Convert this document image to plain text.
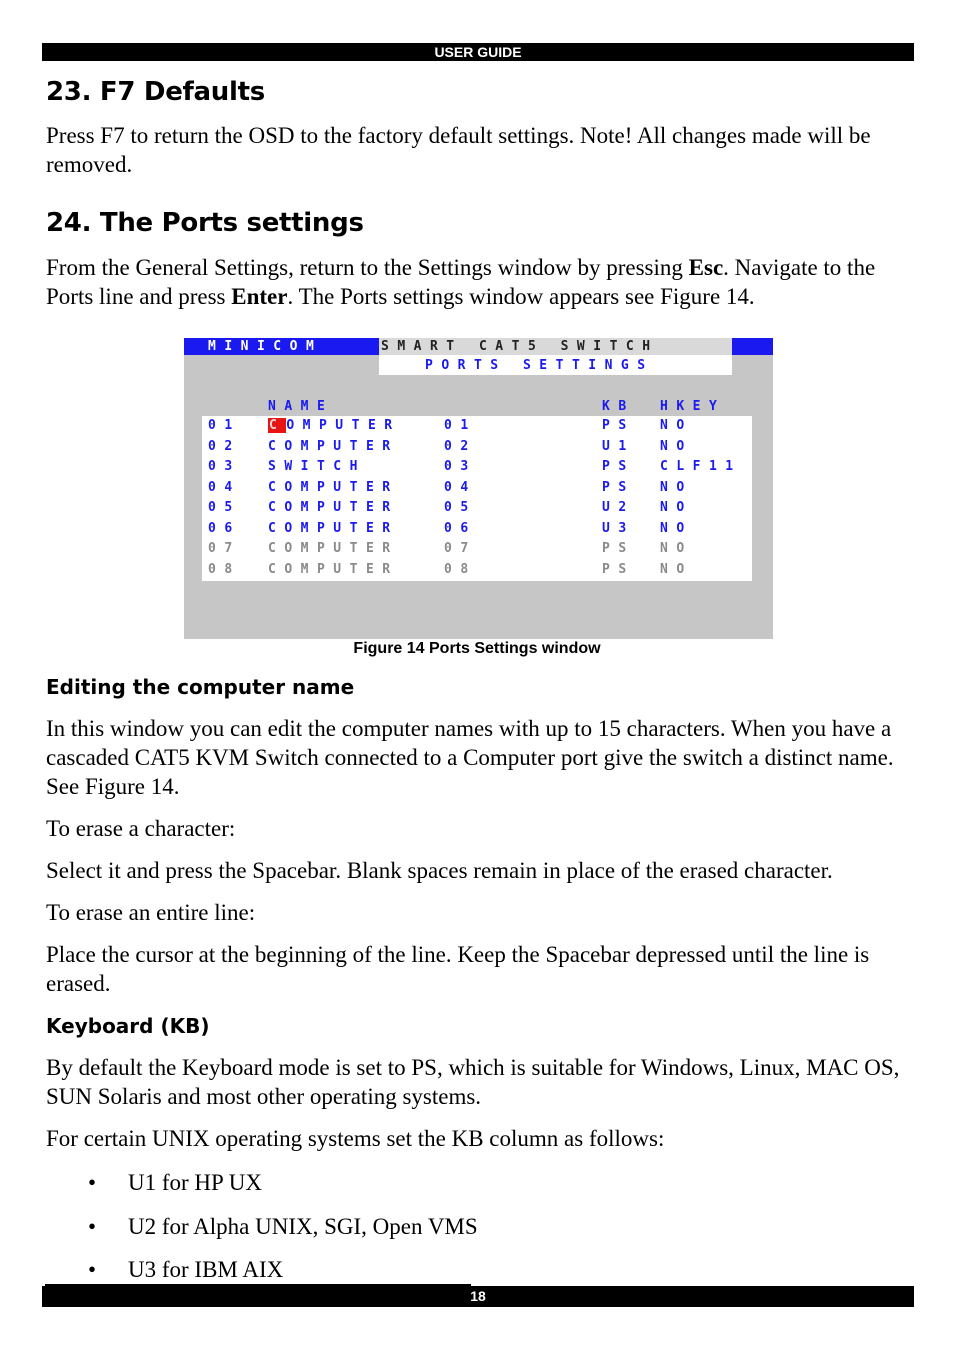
USER GUIDE
23. F7 Defaults

Press F7 to return the OSD to the factory default settings. Note! All changes made will be removed.

24. The Ports settings

From the General Settings, return to the Settings window by pressing Esc. Navigate to the Ports line and press Enter. The Ports settings window appears see Figure 14.

MINICOM	SMART CAT5 SWITCH
PORTS SETTINGS
NAME	KB HKEY
01 COMPUTER	01	PS NO
02 COMPUTER	02	U1 NO
03 SWITCH	03	PS CLF11
04 COMPUTER	04	PS NO
05 COMPUTER	05	U2 NO
06 COMPUTER	06	U3 NO
07 COMPUTER	07	PS NO
08 COMPUTER	08	PS NO
Figure 14 Ports Settings window
Editing the computer name

In this window you can edit the computer names with up to 15 characters. When you have a cascaded CAT5 KVM Switch connected to a Computer port give the switch a distinct name. See Figure 14.

To erase a character:

Select it and press the Spacebar. Blank spaces remain in place of the erased character.

To erase an entire line:

Place the cursor at the beginning of the line. Keep the Spacebar depressed until the line is erased.

Keyboard (KB)

By default the Keyboard mode is set to PS, which is suitable for Windows, Linux, MAC OS, SUN Solaris and most other operating systems.

For certain UNIX operating systems set the KB column as follows:

• U1 for HP UX
• U2 for Alpha UNIX, SGI, Open VMS
• U3 for IBM AIX
18
